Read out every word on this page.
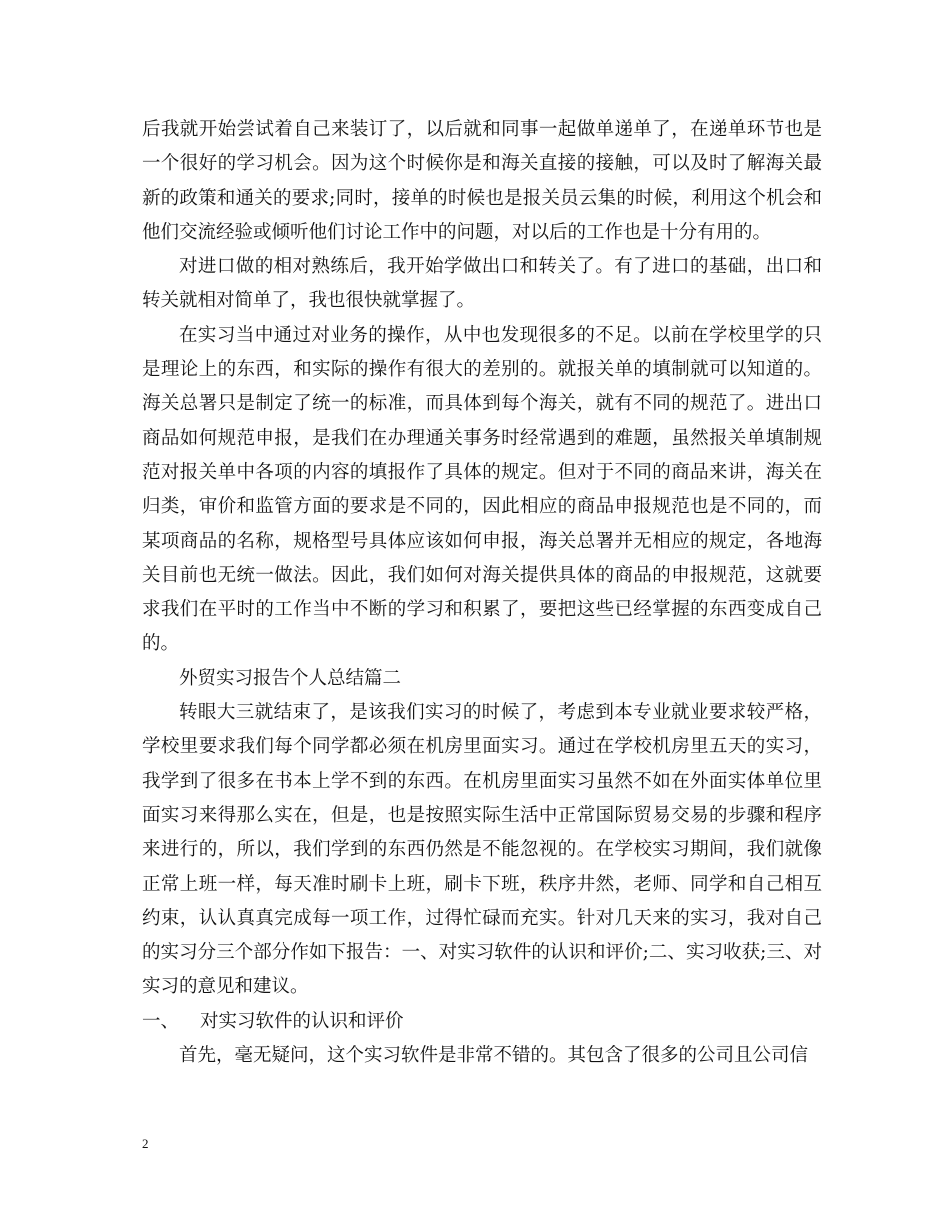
后我就开始尝试着自己来装订了，以后就和同事一起做单递单了，在递单环节也是一个很好的学习机会。因为这个时候你是和海关直接的接触，可以及时了解海关最新的政策和通关的要求;同时，接单的时候也是报关员云集的时候，利用这个机会和他们交流经验或倾听他们讨论工作中的问题，对以后的工作也是十分有用的。

对进口做的相对熟练后，我开始学做出口和转关了。有了进口的基础，出口和转关就相对简单了，我也很快就掌握了。

在实习当中通过对业务的操作，从中也发现很多的不足。以前在学校里学的只是理论上的东西，和实际的操作有很大的差别的。就报关单的填制就可以知道的。海关总署只是制定了统一的标准，而具体到每个海关，就有不同的规范了。进出口商品如何规范申报，是我们在办理通关事务时经常遇到的难题，虽然报关单填制规范对报关单中各项的内容的填报作了具体的规定。但对于不同的商品来讲，海关在归类，审价和监管方面的要求是不同的，因此相应的商品申报规范也是不同的，而某项商品的名称，规格型号具体应该如何申报，海关总署并无相应的规定，各地海关目前也无统一做法。因此，我们如何对海关提供具体的商品的申报规范，这就要求我们在平时的工作当中不断的学习和积累了，要把这些已经掌握的东西变成自己的。

外贸实习报告个人总结篇二

转眼大三就结束了，是该我们实习的时候了，考虑到本专业就业要求较严格，学校里要求我们每个同学都必须在机房里面实习。通过在学校机房里五天的实习，我学到了很多在书本上学不到的东西。在机房里面实习虽然不如在外面实体单位里面实习来得那么实在，但是，也是按照实际生活中正常国际贸易交易的步骤和程序来进行的，所以，我们学到的东西仍然是不能忽视的。在学校实习期间，我们就像正常上班一样，每天准时刷卡上班，刷卡下班，秩序井然，老师、同学和自己相互约束，认认真真完成每一项工作，过得忙碌而充实。针对几天来的实习，我对自己的实习分三个部分作如下报告：一、对实习软件的认识和评价;二、实习收获;三、对实习的意见和建议。

一、 对实习软件的认识和评价

首先，毫无疑问，这个实习软件是非常不错的。其包含了很多的公司且公司信

2
